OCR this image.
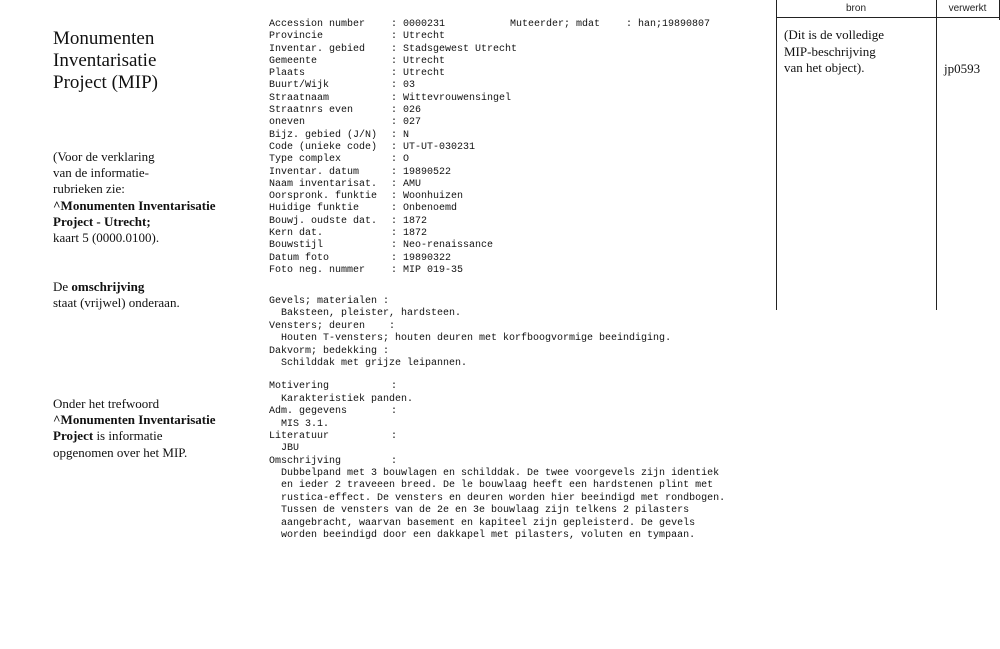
Monumenten
Inventarisatie
Project (MIP)
(Voor de verklaring
van de informatie-
rubrieken zie:
^Monumenten Inventarisatie
Project - Utrecht;
kaart 5 (0000.0100).
De omschrijving
staat (vrijwel) onderaan.
Onder het trefwoord
^Monumenten Inventarisatie
Project is informatie
opgenomen over het MIP.
Accession number	: 0000231
Provincie	: Utrecht
Inventar. gebied	: Stadsgewest Utrecht
Gemeente	: Utrecht
Plaats	: Utrecht
Buurt/Wijk	: 03
Straatnaam	: Wittevrouwensingel
Straatnrs even	: 026
oneven	: 027
Bijz. gebied (J/N) : N
Code (unieke code) : UT-UT-030231
Type complex	: O
Inventar. datum	: 19890522
Naam inventarisat. : AMU
Oorspronk. funktie : Woonhuizen
Huidige funktie	: Onbenoemd
Bouwj. oudste dat. : 1872
Kern dat.	: 1872
Bouwstijl	: Neo-renaissance
Datum foto	: 19890322
Foto neg. nummer	: MIP 019-35
Muteerder; mdat	: han;19890807
Gevels; materialen :
Baksteen, pleister, hardsteen.
Vensters; deuren    :
Houten T-vensters; houten deuren met korfboogvormige beeindiging.
Dakvorm; bedekking :
Schilddak met grijze leipannen.
Motivering	:
Karakteristiek panden.
Adm. gegevens	:
MIS 3.1.
Literatuur	:
JBU
Omschrijving	:
Dubbelpand met 3 bouwlagen en schilddak. De twee voorgevels zijn identiek
en ieder 2 traveeen breed. De le bouwlaag heeft een hardstenen plint met
rustica-effect. De vensters en deuren worden hier beeindigd met rondbogen.
Tussen de vensters van de 2e en 3e bouwlaag zijn telkens 2 pilasters
aangebracht, waarvan basement en kapiteel zijn gepleisterd. De gevels
worden beeindigd door een dakkapel met pilasters, voluten en tympaan.
bron	verwerkt
(Dit is de volledige
MIP-beschrijving
van het object).	jp0593
